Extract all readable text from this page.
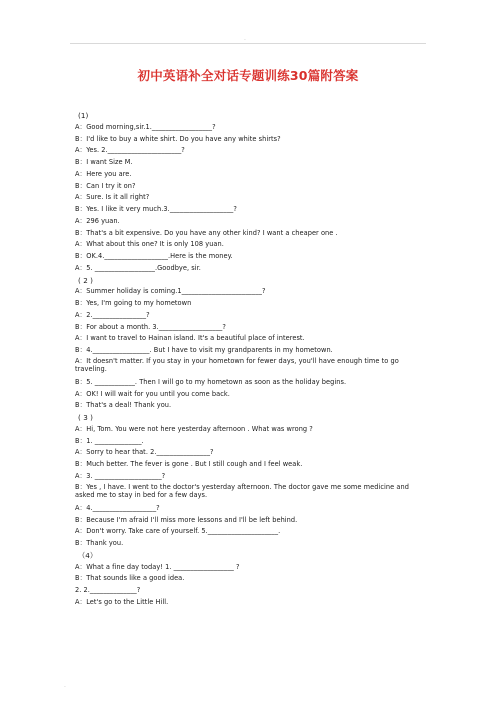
.
初中英语补全对话专题训练30篇附答案
(1)
A：Good morning,sir.1.__________________?
B：I'd like to buy a white shirt. Do you have any white shirts?
A：Yes. 2.______________________?
B：I want Size M.
A：Here you are.
B：Can I try it on?
A：Sure. Is it all right?
B：Yes. I like it very much.3.___________________?
A：296 yuan.
B：That's a bit expensive. Do you have any other kind? I want a cheaper one .
A：What about this one? It is only 108 yuan.
B：OK.4.___________________.Here is the money.
A：5. __________________.Goodbye, sir.
( 2 )
A：Summer holiday is coming.1________________________?
B：Yes, I'm going to my hometown
A：2.________________?
B：For about a month. 3.___________________?
A：I want to travel to Hainan island. It's a beautiful place of interest.
B：4._________________. But I have to visit my grandparents in my hometown.
A：It doesn't matter. If you stay in your hometown for fewer days, you'll have enough time to go traveling.
B：5. ____________. Then I will go to my hometown as soon as the holiday begins.
A：OK! I will wait for you until you come back.
B：That's a deal! Thank you.
( 3 )
A：Hi, Tom. You were not here yesterday afternoon . What was wrong ?
B：1. ______________.
A：Sorry to hear that. 2.________________?
B：Much better. The fever is gone . But I still cough and I feel weak.
A：3. ____________________?
B：Yes , I have. I went to the doctor's yesterday afternoon. The doctor gave me some medicine and asked me to stay in bed for a few days.
A：4.___________________?
B：Because I'm afraid I'll miss more lessons and I'll be left behind.
A：Don't worry. Take care of yourself. 5._____________________.
B：Thank you.
（4）
A：What a fine day today! 1. __________________ ?
B：That sounds like a good idea.
2. 2.______________?
A：Let's go to the Little Hill.
.
